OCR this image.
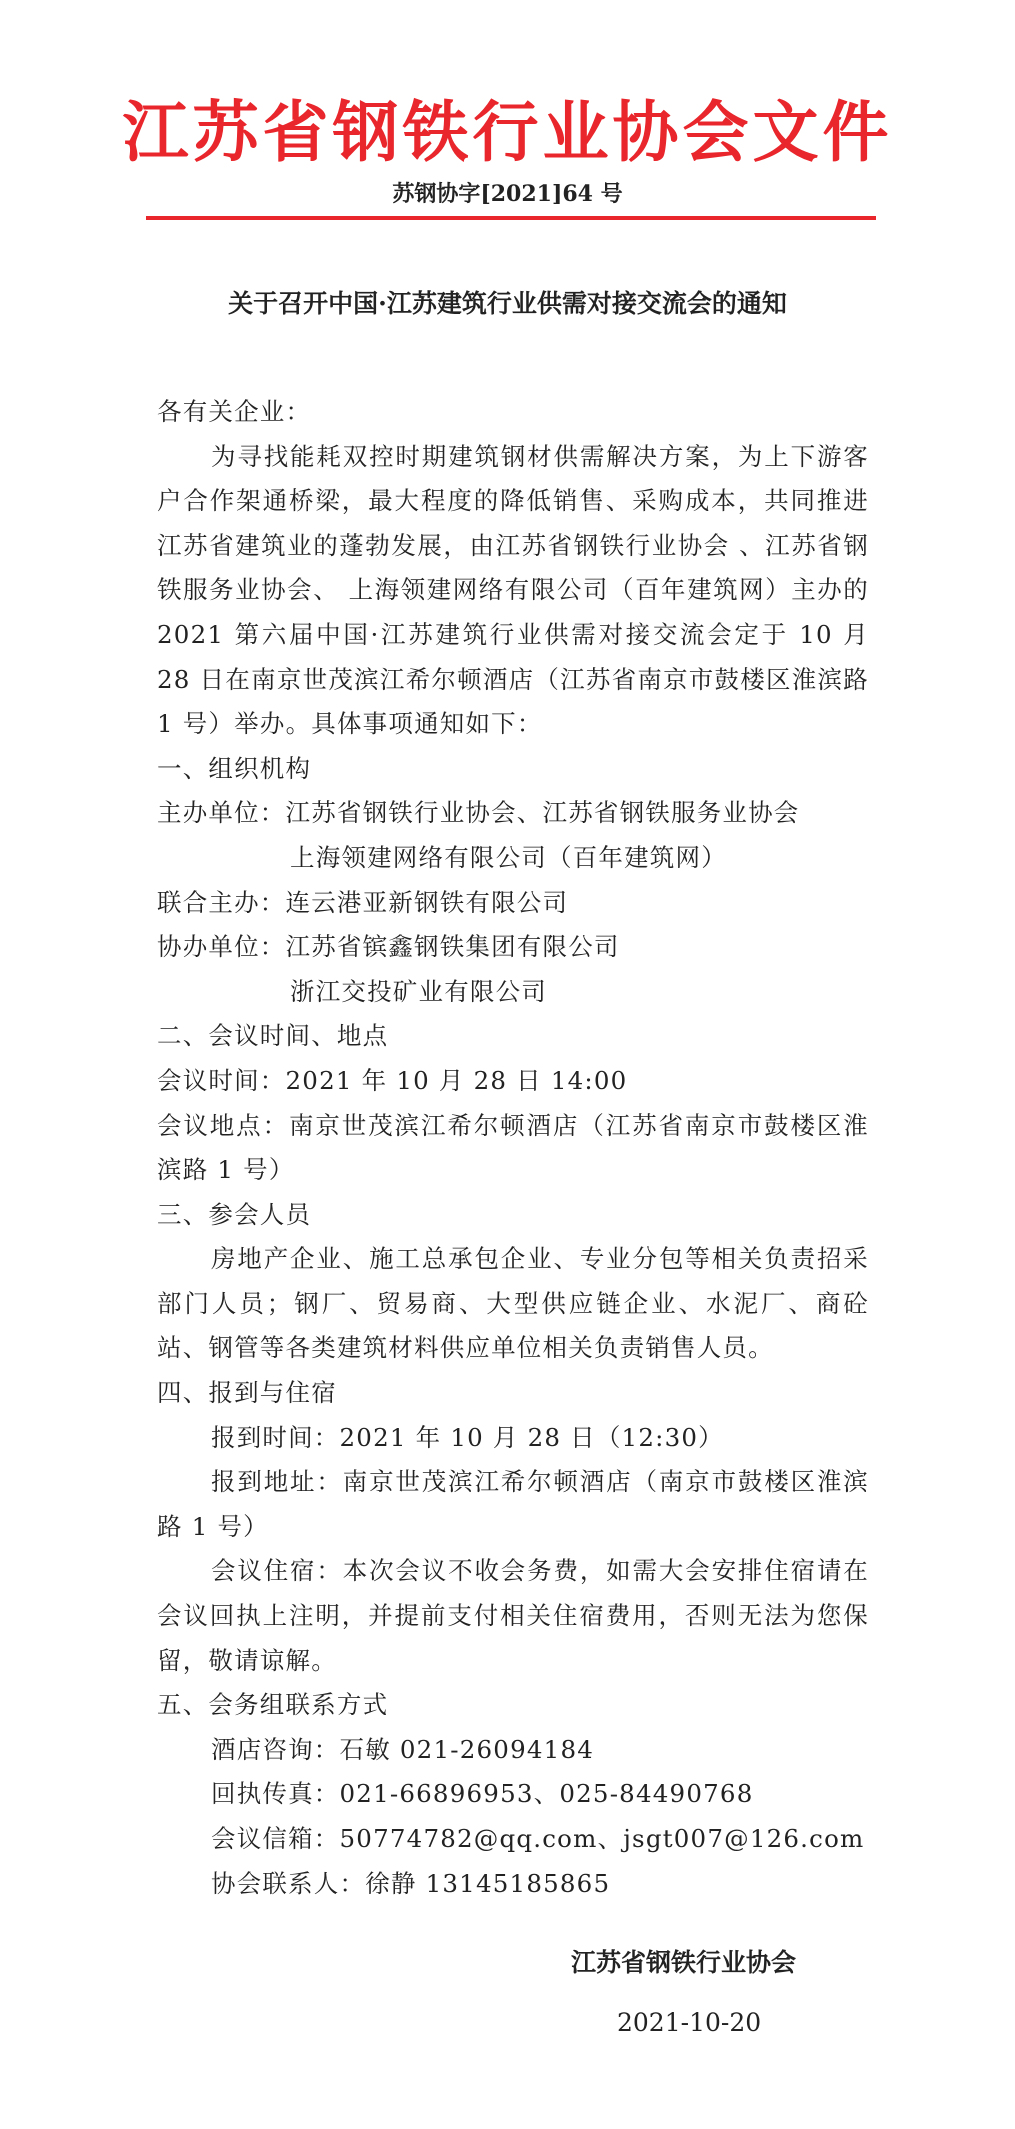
江苏省钢铁行业协会文件
苏钢协字[2021]64 号
关于召开中国·江苏建筑行业供需对接交流会的通知

各有关企业：

为寻找能耗双控时期建筑钢材供需解决方案，为上下游客户合作架通桥梁，最大程度的降低销售、采购成本，共同推进江苏省建筑业的蓬勃发展，由江苏省钢铁行业协会 、江苏省钢铁服务业协会、 上海领建网络有限公司（百年建筑网）主办的 2021 第六届中国·江苏建筑行业供需对接交流会定于 10 月 28 日在南京世茂滨江希尔顿酒店（江苏省南京市鼓楼区淮滨路 1 号）举办。具体事项通知如下：

一、组织机构

主办单位：江苏省钢铁行业协会、江苏省钢铁服务业协会

上海领建网络有限公司（百年建筑网）

联合主办：连云港亚新钢铁有限公司

协办单位：江苏省镔鑫钢铁集团有限公司

浙江交投矿业有限公司

二、会议时间、地点

会议时间：2021 年 10 月 28 日 14:00

会议地点：南京世茂滨江希尔顿酒店（江苏省南京市鼓楼区淮滨路 1 号）

三、参会人员

房地产企业、施工总承包企业、专业分包等相关负责招采部门人员；钢厂、贸易商、大型供应链企业、水泥厂、商砼站、钢管等各类建筑材料供应单位相关负责销售人员。

四、报到与住宿

报到时间：2021 年 10 月 28 日（12:30）

报到地址：南京世茂滨江希尔顿酒店（南京市鼓楼区淮滨路 1 号）

会议住宿：本次会议不收会务费，如需大会安排住宿请在会议回执上注明，并提前支付相关住宿费用，否则无法为您保留，敬请谅解。

五、会务组联系方式

酒店咨询：石敏 021-26094184

回执传真：021-66896953、025-84490768

会议信箱：50774782@qq.com、jsgt007@126.com

协会联系人：徐静 13145185865

江苏省钢铁行业协会
2021-10-20
